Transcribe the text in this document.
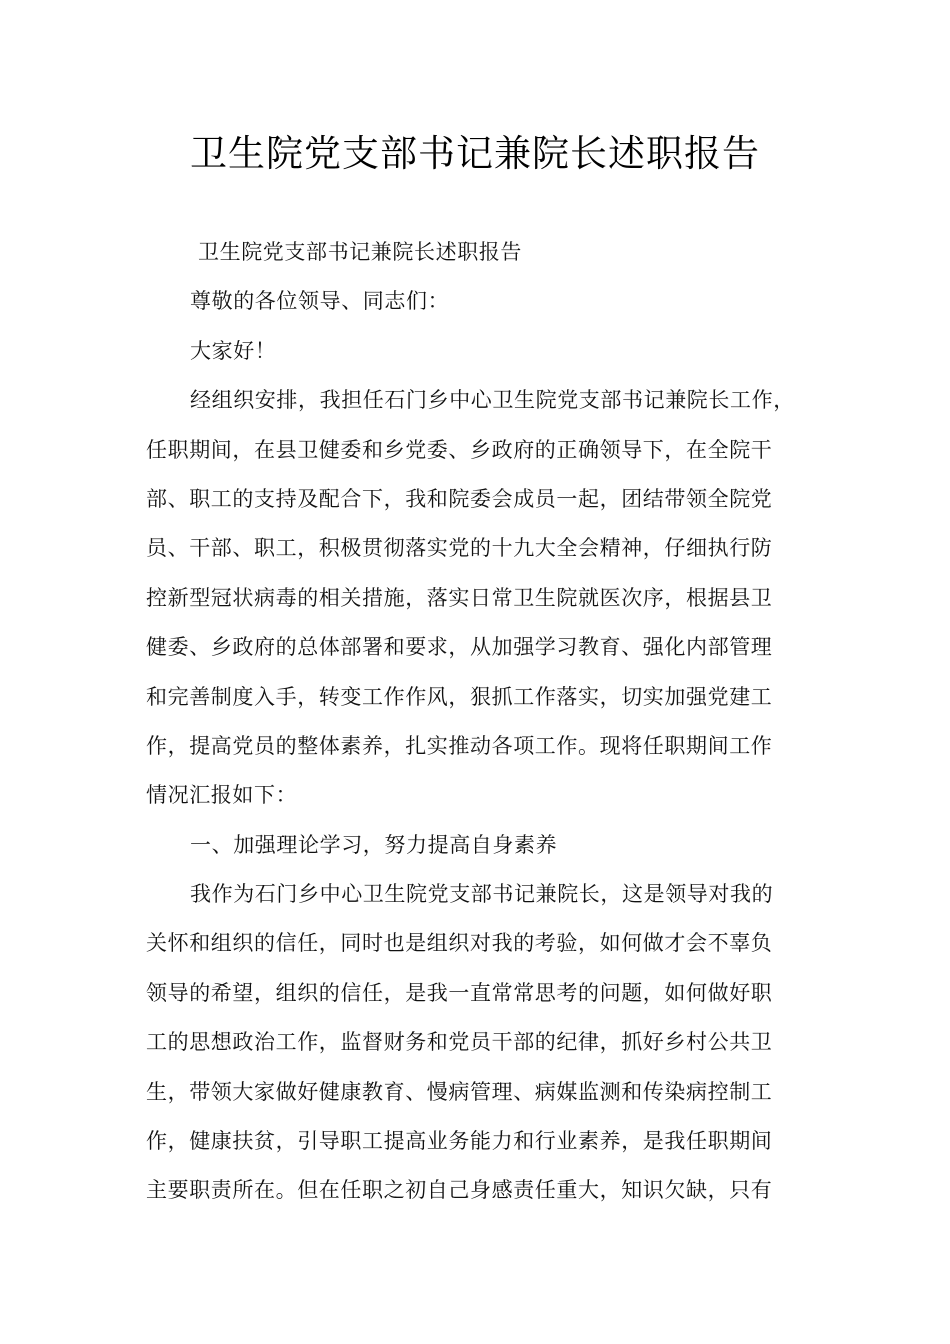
卫生院党支部书记兼院长述职报告

卫生院党支部书记兼院长述职报告

尊敬的各位领导、同志们：

大家好！

经组织安排，我担任石门乡中心卫生院党支部书记兼院长工作，

任职期间，在县卫健委和乡党委、乡政府的正确领导下，在全院干

部、职工的支持及配合下，我和院委会成员一起，团结带领全院党

员、干部、职工，积极贯彻落实党的十九大全会精神，仔细执行防

控新型冠状病毒的相关措施，落实日常卫生院就医次序，根据县卫

健委、乡政府的总体部署和要求，从加强学习教育、强化内部管理

和完善制度入手，转变工作作风，狠抓工作落实，切实加强党建工

作，提高党员的整体素养，扎实推动各项工作。现将任职期间工作

情况汇报如下：

一、加强理论学习，努力提高自身素养

我作为石门乡中心卫生院党支部书记兼院长，这是领导对我的

关怀和组织的信任，同时也是组织对我的考验，如何做才会不辜负

领导的希望，组织的信任，是我一直常常思考的问题，如何做好职

工的思想政治工作，监督财务和党员干部的纪律，抓好乡村公共卫

生，带领大家做好健康教育、慢病管理、病媒监测和传染病控制工

作，健康扶贫，引导职工提高业务能力和行业素养，是我任职期间

主要职责所在。但在任职之初自己身感责任重大，知识欠缺，只有
